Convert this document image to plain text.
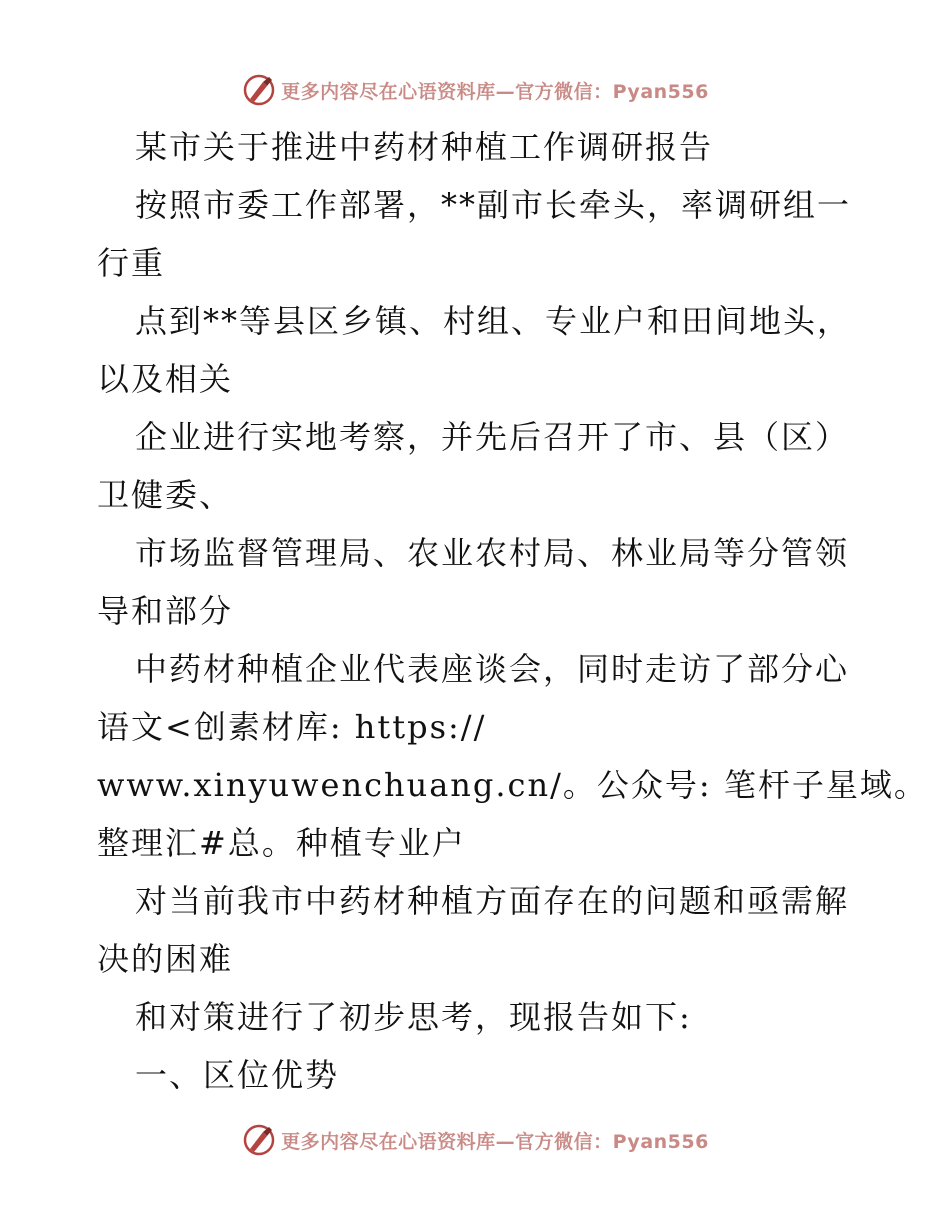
更多内容尽在心语资料库—官方微信：Pyan556
某市关于推进中药材种植工作调研报告
按照市委工作部署，**副市长牵头，率调研组一
行重
点到**等县区乡镇、村组、专业户和田间地头，
以及相关
企业进行实地考察，并先后召开了市、县（区）
卫健委、
市场监督管理局、农业农村局、林业局等分管领
导和部分
中药材种植企业代表座谈会，同时走访了部分心
语文<创素材库: https://
www.xinyuwenchuang.cn/。公众号: 笔杆子星域。
整理汇#总。种植专业户
对当前我市中药材种植方面存在的问题和亟需解
决的困难
和对策进行了初步思考，现报告如下:
一、区位优势
更多内容尽在心语资料库—官方微信：Pyan556
